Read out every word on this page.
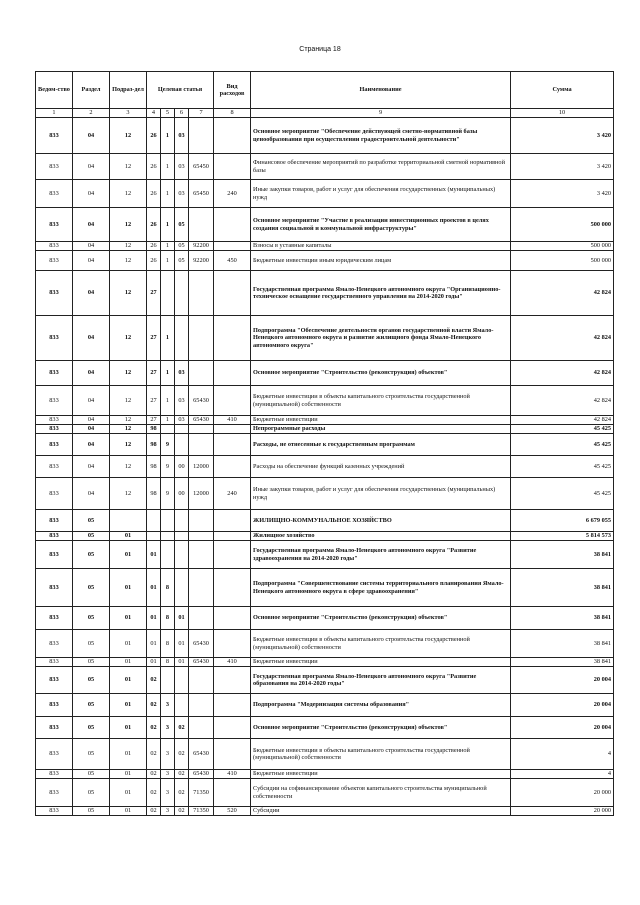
Страница 18
Ведом-ство	Раздел	Подраз-дел	Целевая статья				Вид расходов	Наименование	Сумма
1	2	3	4	5	6	7	8	9	10
833	04	12	26	1	03			Основное мероприятие "Обеспечение действующей сметно-нормативной базы ценообразования при осуществлении градостроительной деятельности"	3 420
833	04	12	26	1	03	65450		Финансовое обеспечение мероприятий по разработке территориальной сметной нормативной базы	3 420
833	04	12	26	1	03	65450	240	Иные закупки товаров, работ и услуг для обеспечения государственных (муниципальных) нужд	3 420
833	04	12	26	1	05			Основное мероприятие "Участие в реализации инвестиционных проектов в целях создания социальной и коммунальной инфраструктуры"	500 000
833	04	12	26	1	05	92200		Взносы в уставные капиталы	500 000
833	04	12	26	1	05	92200	450	Бюджетные инвестиции иным юридическим лицам	500 000
833	04	12	27					Государственная программа Ямало-Ненецкого автономного округа "Организационно-техническое оснащение государственного управления на 2014-2020 годы"	42 824
833	04	12	27	1				Подпрограмма "Обеспечение деятельности органов государственной власти Ямало-Ненецкого автономного округа и развитие жилищного фонда Ямало-Ненецкого автономного округа"	42 824
833	04	12	27	1	03			Основное мероприятие "Строительство (реконструкция) объектов"	42 824
833	04	12	27	1	03	65430		Бюджетные инвестиции в объекты капитального строительства государственной (муниципальной) собственности	42 824
833	04	12	27	1	03	65430	410	Бюджетные инвестиции	42 824
833	04	12	98					Непрограммные расходы	45 425
833	04	12	98	9				Расходы, не отнесенные к государственным программам	45 425
833	04	12	98	9	00	12000		Расходы на обеспечение функций казенных учреждений	45 425
833	04	12	98	9	00	12000	240	Иные закупки товаров, работ и услуг для обеспечения государственных (муниципальных) нужд	45 425
833	05							ЖИЛИЩНО-КОММУНАЛЬНОЕ ХОЗЯЙСТВО	6 679 055
833	05	01						Жилищное хозяйство	5 814 573
833	05	01	01					Государственная программа Ямало-Ненецкого автономного округа "Развитие здравоохранения на 2014-2020 годы"	38 841
833	05	01	01	8				Подпрограмма "Совершенствование системы территориального планирования Ямало-Ненецкого автономного округа в сфере здравоохранения"	38 841
833	05	01	01	8	01			Основное мероприятие "Строительство (реконструкция) объектов"	38 841
833	05	01	01	8	01	65430		Бюджетные инвестиции в объекты капитального строительства государственной (муниципальной) собственности	38 841
833	05	01	01	8	01	65430	410	Бюджетные инвестиции	38 841
833	05	01	02					Государственная программа Ямало-Ненецкого автономного округа "Развитие образования на 2014-2020 годы"	20 004
833	05	01	02	3				Подпрограмма "Модернизация системы образования"	20 004
833	05	01	02	3	02			Основное мероприятие "Строительство (реконструкция) объектов"	20 004
833	05	01	02	3	02	65430		Бюджетные инвестиции в объекты капитального строительства государственной (муниципальной) собственности	4
833	05	01	02	3	02	65430	410	Бюджетные инвестиции	4
833	05	01	02	3	02	71350		Субсидии на софинансирование объектов капитального строительства муниципальной собственности	20 000
833	05	01	02	3	02	71350	520	Субсидии	20 000
